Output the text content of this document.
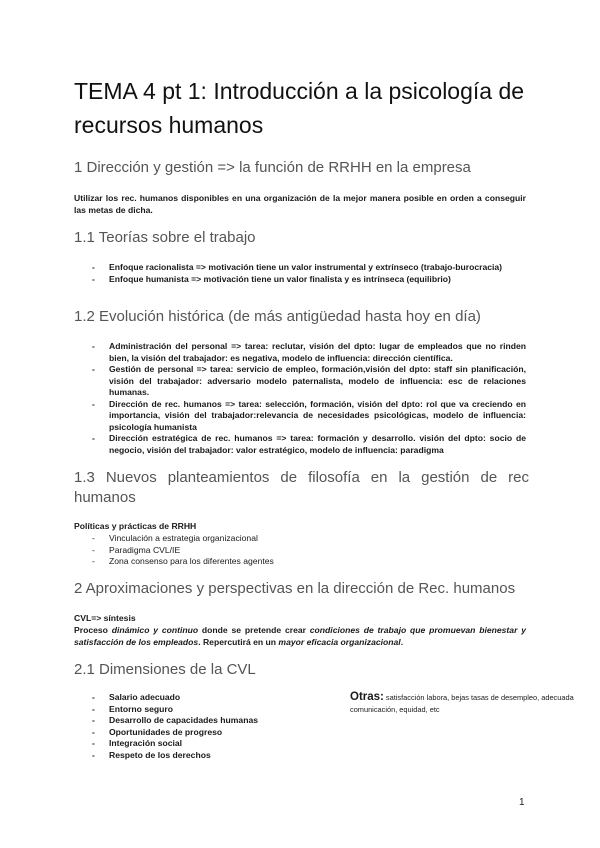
TEMA 4 pt 1: Introducción a la psicología de recursos humanos
1 Dirección y gestión => la función de RRHH en la empresa

Utilizar los rec. humanos disponibles en una organización de la mejor manera posible en orden a conseguir las metas de dicha.

1.1 Teorías sobre el trabajo
- Enfoque racionalista => motivación tiene un valor instrumental y extrínseco (trabajo-burocracia)
- Enfoque humanista => motivación tiene un valor finalista y es intrínseca (equilibrio)
1.2 Evolución histórica (de más antigüedad hasta hoy en día)
- Administración del personal => tarea: reclutar, visión del dpto: lugar de empleados que no rinden bien, la visión del trabajador: es negativa, modelo de influencia: dirección científica.
- Gestión de personal => tarea: servicio de empleo, formación,visión del dpto: staff sin planificación, visión del trabajador: adversario modelo paternalista, modelo de influencia: esc de relaciones humanas.
- Dirección de rec. humanos => tarea: selección, formación, visión del dpto: rol que va creciendo en importancia, visión del trabajador:relevancia de necesidades psicológicas, modelo de influencia: psicología humanista
- Dirección estratégica de rec. humanos => tarea: formación y desarrollo. visión del dpto: socio de negocio, visión del trabajador: valor estratégico, modelo de influencia: paradigma
1.3 Nuevos planteamientos de filosofía en la gestión de rec humanos

Políticas y prácticas de RRHH

- Vinculación a estrategia organizacional
- Paradigma CVL/IE
- Zona consenso para los diferentes agentes
2 Aproximaciones y perspectivas en la dirección de Rec. humanos

CVL=> síntesis

Proceso dinámico y continuo donde se pretende crear condiciones de trabajo que promuevan bienestar y satisfacción de los empleados. Repercutirá en un mayor eficacia organizacional.

2.1 Dimensiones de la CVL
- Salario adecuado
- Entorno seguro
- Desarrollo de capacidades humanas
- Oportunidades de progreso
- Integración social
- Respeto de los derechos

Otras: satisfacción labora, bejas tasas de desempleo, adecuada comunicación, equidad, etc

1
